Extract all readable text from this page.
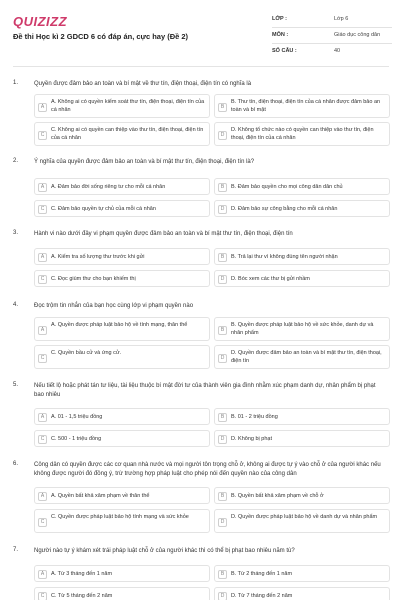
QUIZIZZ
Đề thi Học kì 2 GDCD 6 có đáp án, cực hay (Đề 2)
LỚP :	Lớp 6
MÔN :	Giáo dục công dân
SỐ CÂU :	40
1.	Quyền được đảm bảo an toàn và bí mật về thư tín, điện thoại, điện tín có nghĩa là
A
A. Không ai có quyền kiểm soát thư tín, điện thoại, điện tín của cá nhân	B
B. Thư tín, điện thoại, điện tín của cá nhân được đảm bảo an toàn và bí mật
C
C. Không ai có quyền can thiệp vào thư tín, điện thoại, điện tín của cá nhân	D
D. Không tổ chức nào có quyền can thiệp vào thư tín, điện thoại, điện tín của cá nhân
2.	Ý nghĩa của quyền được đảm bảo an toàn và bí mật thư tín, điện thoại, điện tín là?
A	A. Đảm bảo đời sống riêng tư cho mỗi cá nhân	B	B. Đảm bảo quyền cho mọi công dân dân chủ
C	C. Đảm bảo quyền tự chủ của mỗi cá nhân	D	D. Đảm bảo sự công bằng cho mỗi cá nhân
3.	Hành vi nào dưới đây vi phạm quyền được đảm bảo an toàn và bí mật thư tín, điện thoại, điện tín
A	A. Kiểm tra số lượng thư trước khi gửi	B	B. Trả lại thư vì không đúng tên người nhận
C	C. Đọc giùm thư cho bạn khiếm thị	D	D. Bóc xem các thư bị gửi nhầm
4.	Đọc trộm tin nhắn của bạn học cùng lớp vi phạm quyền nào
A
A. Quyền được pháp luật bảo hộ về tính mạng, thân thể
B
B. Quyền được pháp luật bảo hộ về sức khỏe, danh dự và nhân phẩm
C
C. Quyền bầu cử và ứng cử.
D
D. Quyền được đảm bảo an toàn và bí mật thư tín, điện thoại, điện tín
5.	Nếu tiết lộ hoặc phát tán tư liệu, tài liệu thuộc bí mật đời tư của thành viên gia đình nhằm xúc phạm danh dự, nhân phẩm bị phạt bao nhiêu
A	A. 01 - 1,5 triệu đồng	B	B. 01 - 2 triệu đồng
C	C. 500 - 1 triệu đồng	D	D. Không bị phạt
6.	Công dân có quyền được các cơ quan nhà nước và mọi người tôn trọng chỗ ở, không ai được tự ý vào chỗ ở của người khác nếu không được người đó đồng ý, trừ trường hợp pháp luật cho phép nói đến quyền nào của công dân
A	A. Quyền bất khả xâm phạm về thân thể	B	B. Quyền bất khả xâm phạm về chỗ ở
C
C. Quyền được pháp luật bảo hộ tính mạng và sức khỏe
D
D. Quyền được pháp luật bảo hộ về danh dự và nhân phẩm
7.	Người nào tự ý khám xét trái pháp luật chỗ ở của người khác thì có thể bị phạt bao nhiêu năm tù?
A	A. Từ 3 tháng đến 1 năm	B	B. Từ 2 tháng đến 1 năm
C	C. Từ 5 tháng đến 2 năm	D	D. Từ 7 tháng đến 2 năm
